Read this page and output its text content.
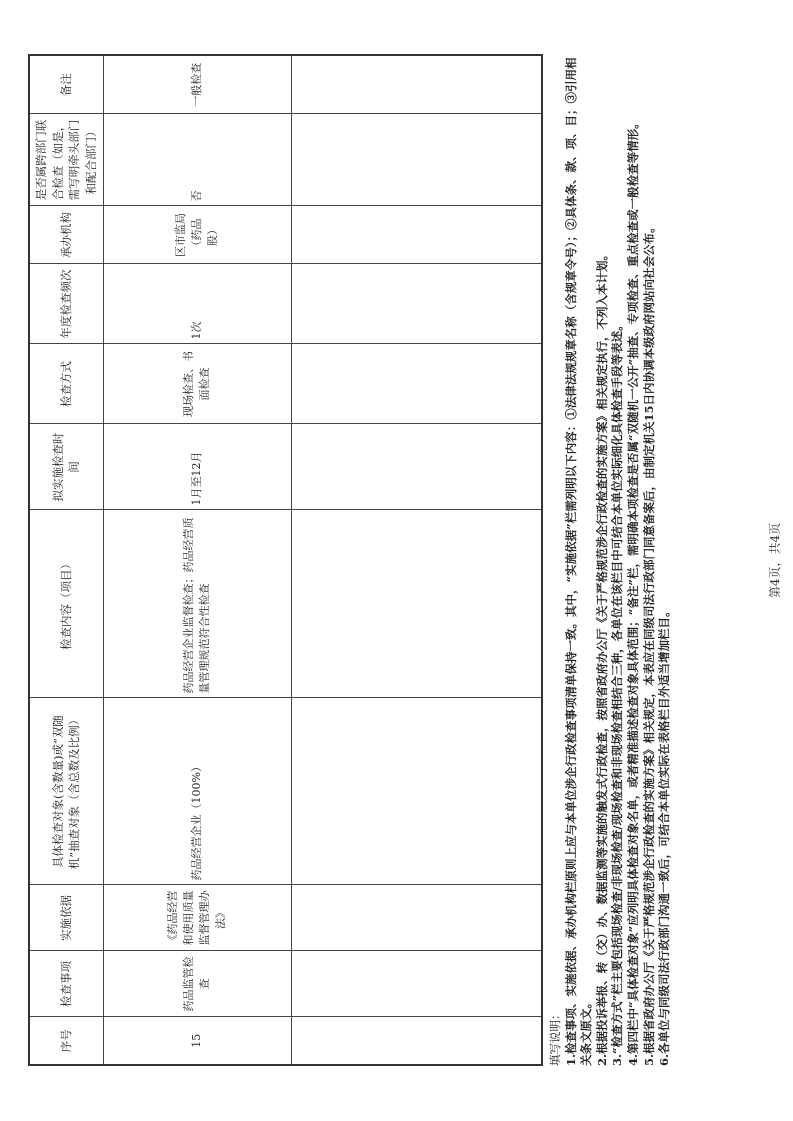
序号	检查事项	实施依据	具体检查对象(含数量)或“双随机”抽查对象（含总数及比例）	检查内容（项目）	拟实施检查时间	检查方式	年度检查频次	承办机构	是否属跨部门联合检查（如是，需写明牵头部门和配合部门）	备注
15	药品监管检查	《药品经营和使用质量监督管理办法》	药品经营企业（100%）	药品经营企业监督检查；药品经营质量管理规范符合性检查	1月至12月	现场检查、书面检查	1次	区市监局（药品股）	否	一般检查

填写说明： 1.检查事项、实施依据、承办机构栏原则上应与本单位涉企行政检查事项清单保持一致。其中，“实施依据”栏需列明以下内容：①法律法规规章名称（含规章令号）；②具体条、款、项、目；③引用相关条文原文。 2.根据投诉举报、转（交）办、数据监测等实施的触发式行政检查，按照省政府办公厅《关于严格规范涉企行政检查的实施方案》相关规定执行，不列入本计划。 3.“检查方式”栏主要包括现场检查/非现场检查/现场检查和非现场检查相结合三种，各单位在该栏目中可结合本单位实际细化具体检查手段等表述。 4.第四栏中“具体检查对象”应列明具体检查对象名单，或者精准描述检查对象具体范围；“备注”栏，需明确本项检查是否属“双随机一公开”抽查、专项检查、重点检查或一般检查等情形。 5.根据省政府办公厅《关于严格规范涉企行政检查的实施方案》相关规定，本表应在同级司法行政部门同意备案后，由制定机关15日内协调本级政府网站向社会公布。 6.各单位与同级司法行政部门沟通一致后，可结合本单位实际在表格栏目外适当增加栏目。

第4页，共4页
